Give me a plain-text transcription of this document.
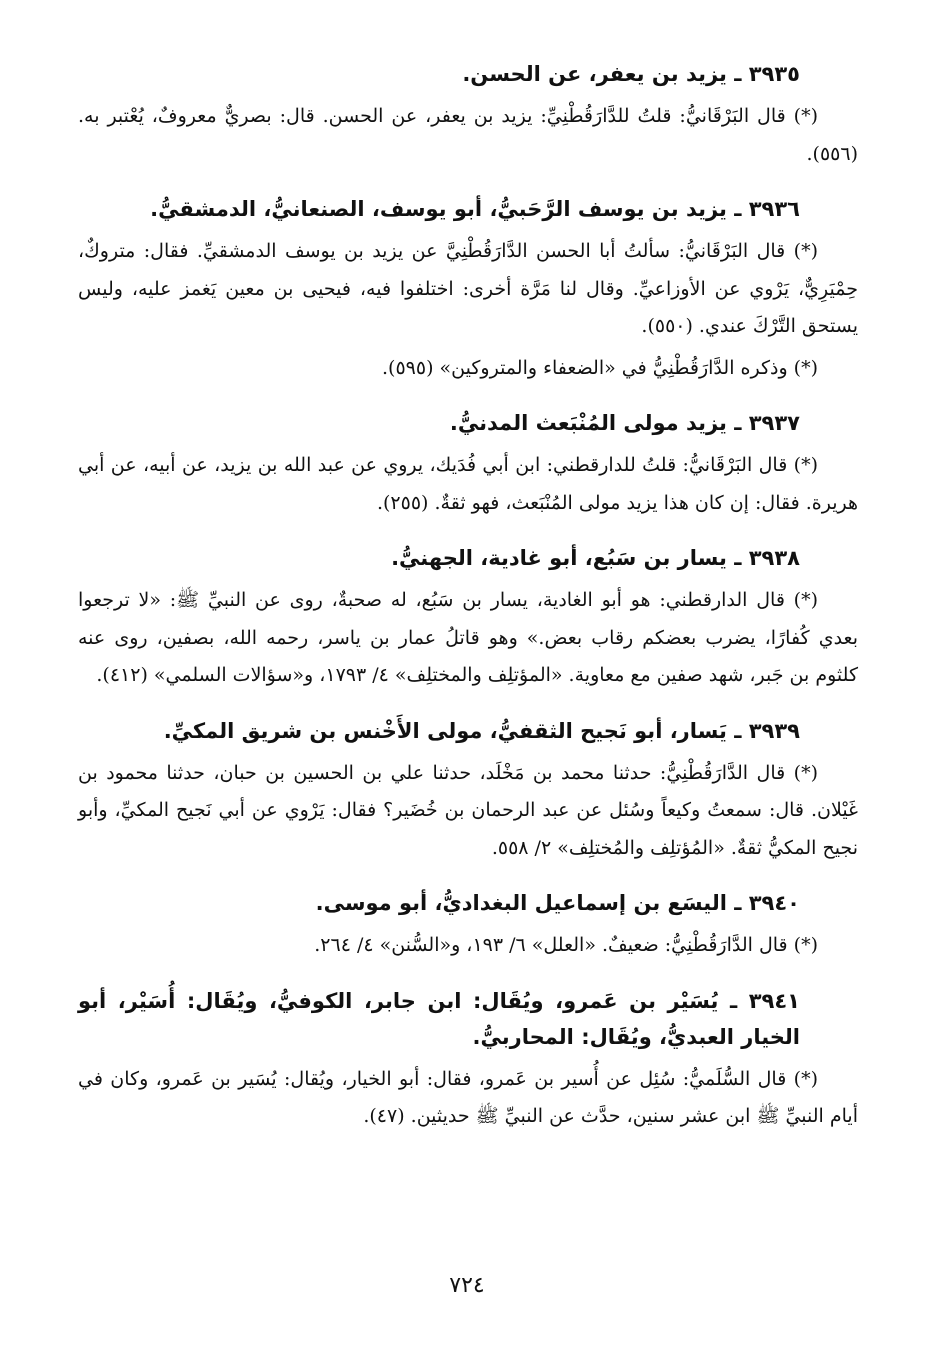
٣٩٣٥ ـ يزيد بن يعفر، عن الحسن.

(*) قال البَرْقَانيُّ: قلتُ للدَّارَقُطْنِيِّ: يزيد بن يعفر، عن الحسن. قال: بصريٌّ معروفٌ، يُعْتبر به. (٥٥٦).

٣٩٣٦ ـ يزيد بن يوسف الرَّحَبيُّ، أبو يوسف، الصنعانيُّ، الدمشقيُّ.

(*) قال البَرْقَانيُّ: سألتُ أبا الحسن الدَّارَقُطْنِيَّ عن يزيد بن يوسف الدمشقيِّ. فقال: متروكٌ، حِمْيَرِيٌّ، يَرْوي عن الأوزاعيِّ. وقال لنا مَرَّة أخرى: اختلفوا فيه، فيحيى بن معين يَغمز عليه، وليس يستحق التَّرْكَ عندي. (٥٥٠).

(*) وذكره الدَّارَقُطْنِيُّ في «الضعفاء والمتروكين» (٥٩٥).

٣٩٣٧ ـ يزيد مولى المُنْبَعث المدنيُّ.

(*) قال البَرْقَانيُّ: قلتُ للدارقطني: ابن أبي فُدَيك، يروي عن عبد الله بن يزيد، عن أبيه، عن أبي هريرة. فقال: إن كان هذا يزيد مولى المُنْبَعث، فهو ثقةٌ. (٢٥٥).

٣٩٣٨ ـ يسار بن سَبُع، أبو غادية، الجهنيُّ.

(*) قال الدارقطني: هو أبو الغادية، يسار بن سَبُع، له صحبةٌ، روى عن النبيِّ ﷺ: «لا ترجعوا بعدي كُفارًا، يضرب بعضكم رقاب بعض.» وهو قاتلُ عمار بن ياسر، رحمه الله، بصفين، روى عنه كلثوم بن جَبر، شهد صفين مع معاوية. «المؤتلِف والمختلِف» ٤/ ١٧٩٣، و«سؤالات السلمي» (٤١٢).

٣٩٣٩ ـ يَسار، أبو نَجيح الثقفيُّ، مولى الأَخْنس بن شريق المكيِّ.

(*) قال الدَّارَقُطْنِيُّ: حدثنا محمد بن مَخْلَد، حدثنا علي بن الحسين بن حبان، حدثنا محمود بن غَيْلان. قال: سمعتُ وكيعاً وسُئل عن عبد الرحمان بن خُضَير؟ فقال: يَرْوي عن أبي نَجيح المكيِّ، وأبو نجيح المكيُّ ثقةٌ. «المُؤتلِف والمُختلِف» ٢/ ٥٥٨.

٣٩٤٠ ـ اليسَع بن إسماعيل البغداديُّ، أبو موسى.

(*) قال الدَّارَقُطْنِيُّ: ضعيفٌ. «العلل» ٦/ ١٩٣، و«السُّنن» ٤/ ٢٦٤.

٣٩٤١ ـ يُسَيْر بن عَمرو، ويُقَال: ابن جابر، الكوفيُّ، ويُقَال: أُسَيْر، أبو الخيار العبديُّ، ويُقَال: المحاربيُّ.

(*) قال السُّلَميُّ: سُئِل عن أُسير بن عَمرو، فقال: أبو الخيار، ويُقال: يُسَير بن عَمرو، وكان في أيام النبيِّ ﷺ ابن عشر سنين، حدَّث عن النبيِّ ﷺ حديثين. (٤٧).

٧٢٤
